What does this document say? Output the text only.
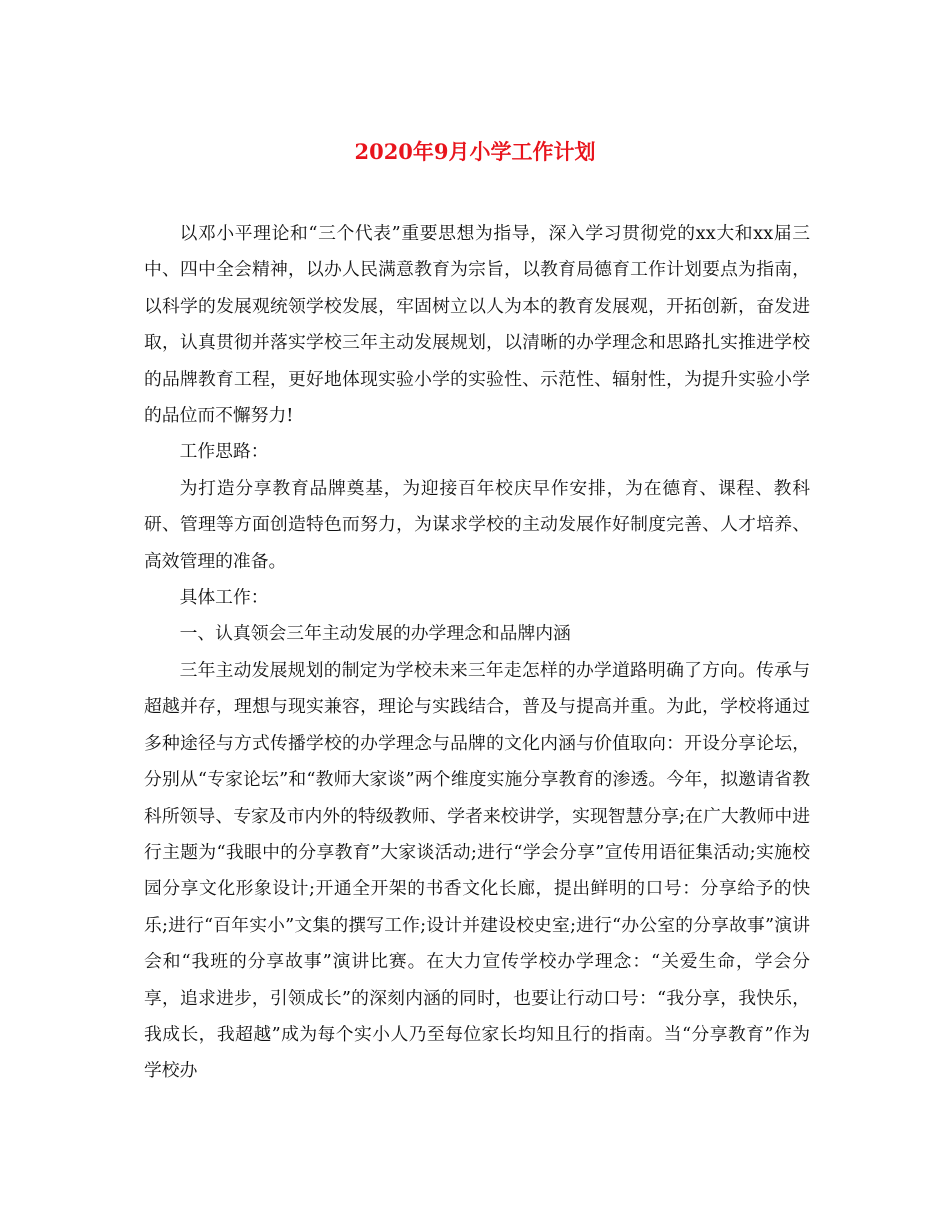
2020年9月小学工作计划

以邓小平理论和“三个代表”重要思想为指导，深入学习贯彻党的xx大和xx届三中、四中全会精神，以办人民满意教育为宗旨，以教育局德育工作计划要点为指南，以科学的发展观统领学校发展，牢固树立以人为本的教育发展观，开拓创新，奋发进取，认真贯彻并落实学校三年主动发展规划，以清晰的办学理念和思路扎实推进学校的品牌教育工程，更好地体现实验小学的实验性、示范性、辐射性，为提升实验小学的品位而不懈努力!

工作思路：

为打造分享教育品牌奠基，为迎接百年校庆早作安排，为在德育、课程、教科研、管理等方面创造特色而努力，为谋求学校的主动发展作好制度完善、人才培养、高效管理的准备。

具体工作：

一、认真领会三年主动发展的办学理念和品牌内涵

三年主动发展规划的制定为学校未来三年走怎样的办学道路明确了方向。传承与超越并存，理想与现实兼容，理论与实践结合，普及与提高并重。为此，学校将通过多种途径与方式传播学校的办学理念与品牌的文化内涵与价值取向：开设分享论坛，分别从“专家论坛”和“教师大家谈”两个维度实施分享教育的渗透。今年，拟邀请省教科所领导、专家及市内外的特级教师、学者来校讲学，实现智慧分享;在广大教师中进行主题为“我眼中的分享教育”大家谈活动;进行“学会分享”宣传用语征集活动;实施校园分享文化形象设计;开通全开架的书香文化长廊，提出鲜明的口号：分享给予的快乐;进行“百年实小”文集的撰写工作;设计并建设校史室;进行“办公室的分享故事”演讲会和“我班的分享故事”演讲比赛。在大力宣传学校办学理念：“关爱生命，学会分享，追求进步，引领成长”的深刻内涵的同时，也要让行动口号：“我分享，我快乐，我成长，我超越”成为每个实小人乃至每位家长均知且行的指南。当“分享教育”作为学校办
